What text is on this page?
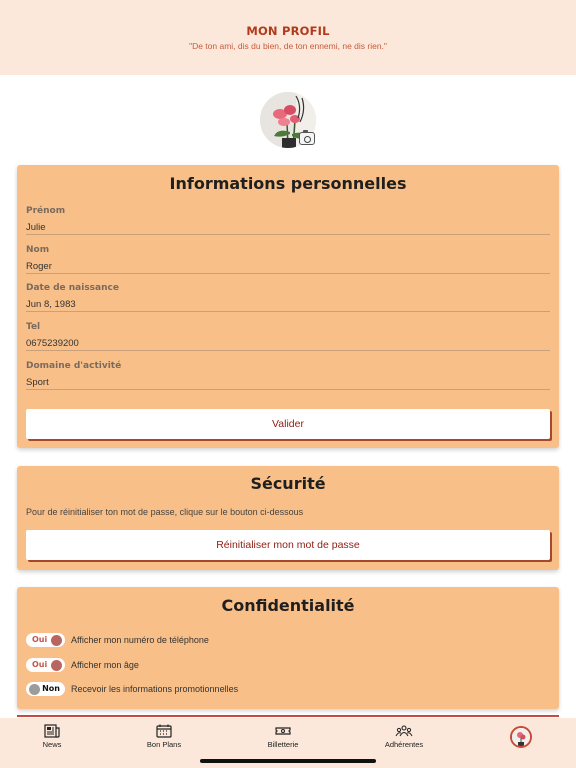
MON PROFIL
"De ton ami, dis du bien, de ton ennemi, ne dis rien."
Informations personnelles
Prénom
Julie
Nom
Roger
Date de naissance
Jun 8, 1983
Tel
0675239200
Domaine d'activité
Sport
Valider
Sécurité
Pour de réinitialiser ton mot de passe, clique sur le bouton ci-dessous
Réinitialiser mon mot de passe
Confidentialité
Oui	Afficher mon numéro de téléphone
Oui	Afficher mon âge
Non Recevoir les informations promotionnelles
News	Bon Plans	Billetterie	Adhérentes
